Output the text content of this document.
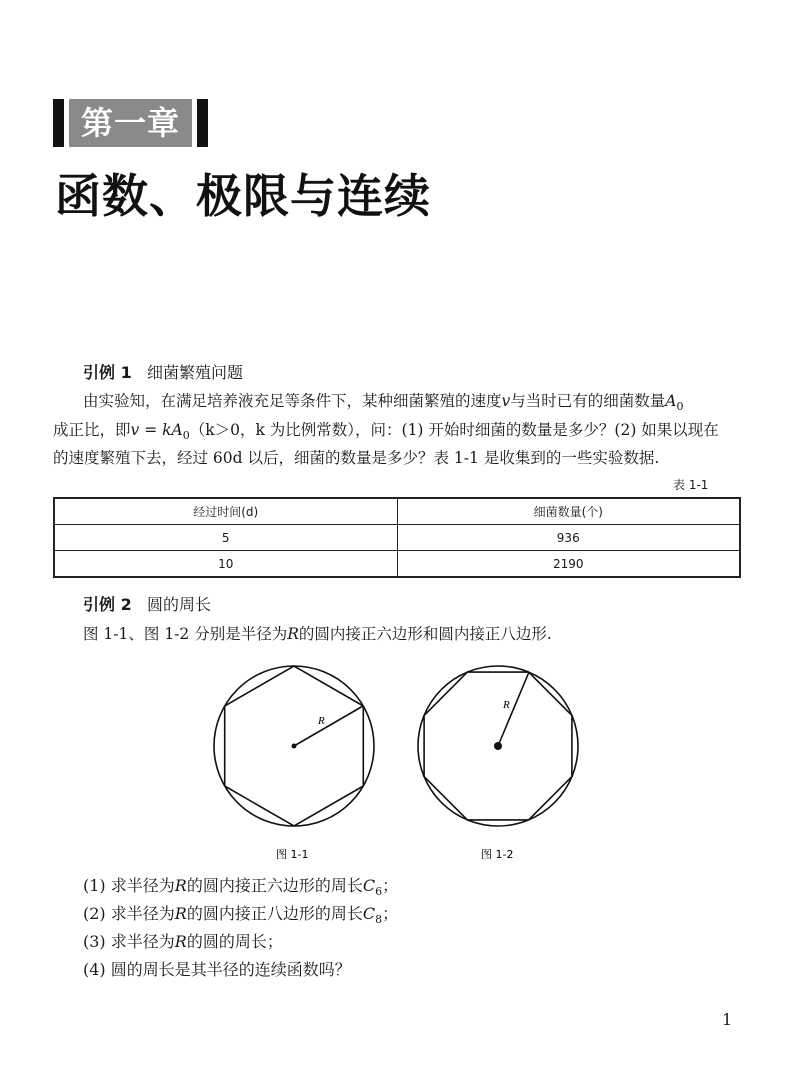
第一章
函数、极限与连续
引例 1 细菌繁殖问题
由实验知，在满足培养液充足等条件下，某种细菌繁殖的速度v与当时已有的细菌数量$A_0$
成正比，即$v = kA_0(k>0$，k 为比例常数），问：(1) 开始时细菌的数量是多少？(2) 如果以现在
的速度繁殖下去，经过 60d 以后，细菌的数量是多少？表 1-1 是收集到的一些实验数据.
表 1-1
经过时间(d)	细菌数量(个)
5	936
10	2190
引例 2 圆的周长
图 1-1、图 1-2 分别是半径为R的圆内接正六边形和圆内接正八边形.
R
R
图 1-1	图 1-2
(1) 求半径为R的圆内接正六边形的周长$C_6$；
(2) 求半径为R的圆内接正八边形的周长$C_8$；
(3) 求半径为R的圆的周长；
(4) 圆的周长是其半径的连续函数吗？
1
